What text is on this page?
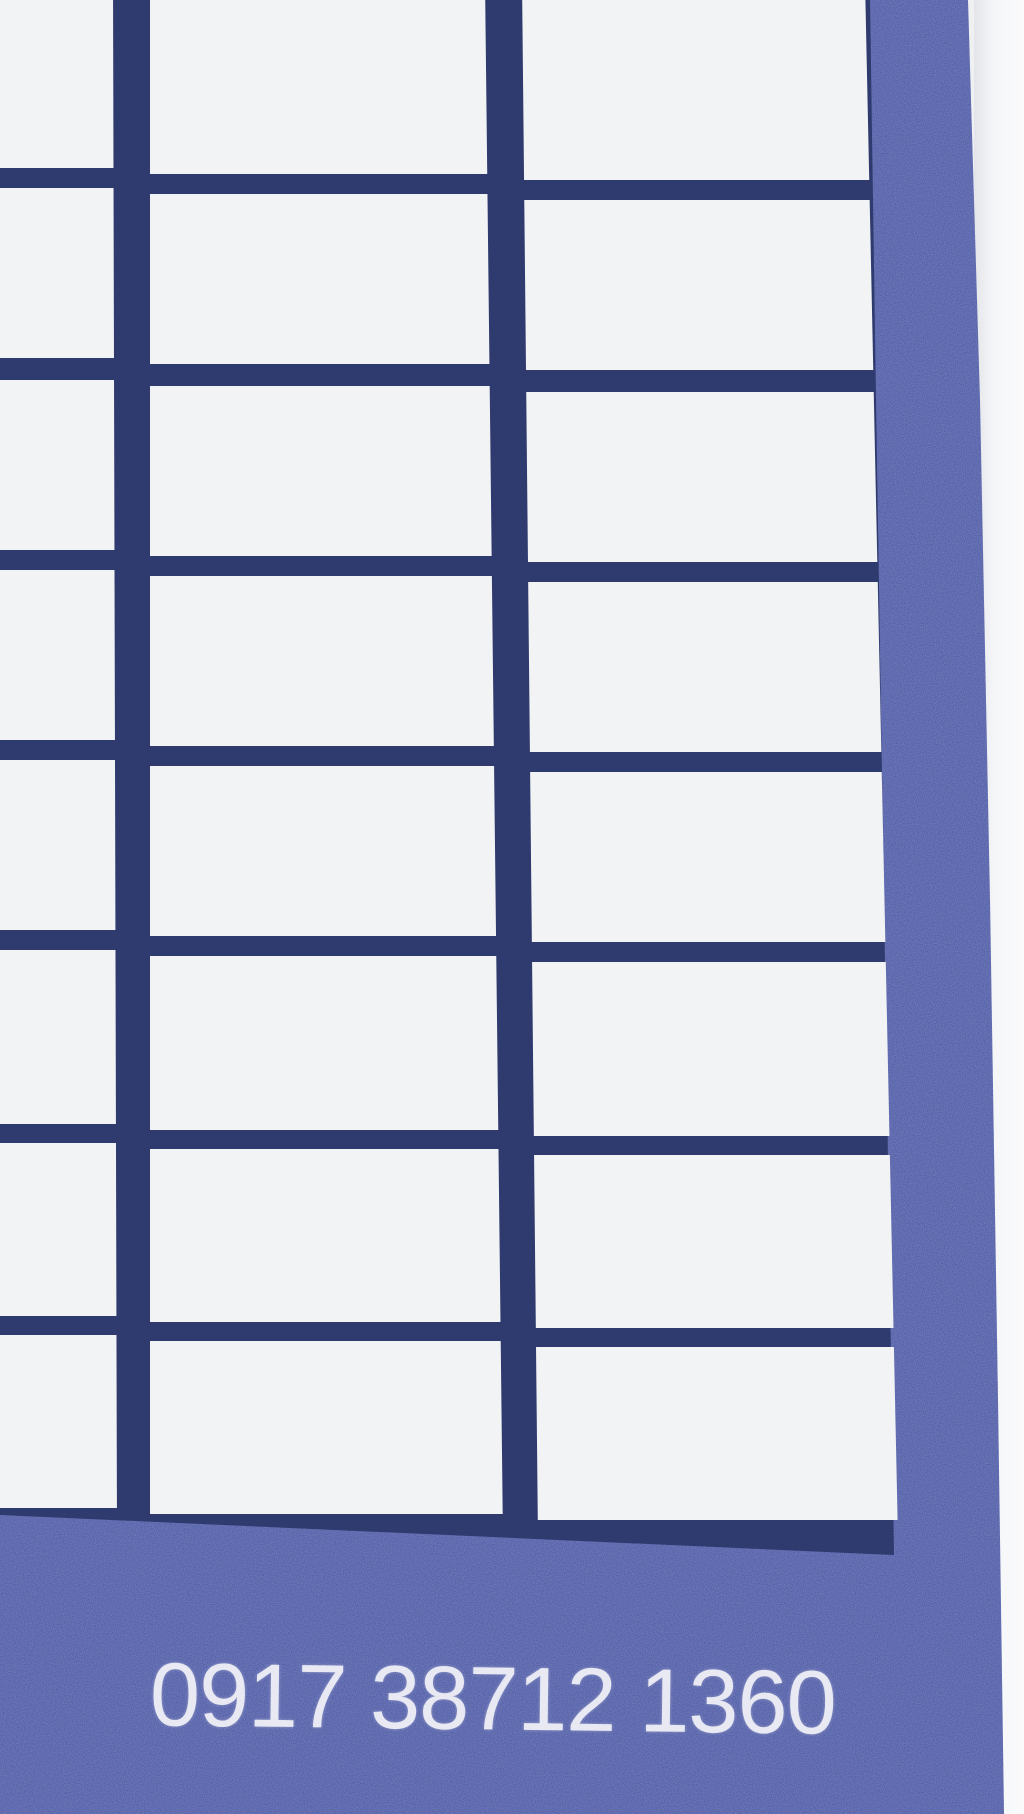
0917 38712 1360
